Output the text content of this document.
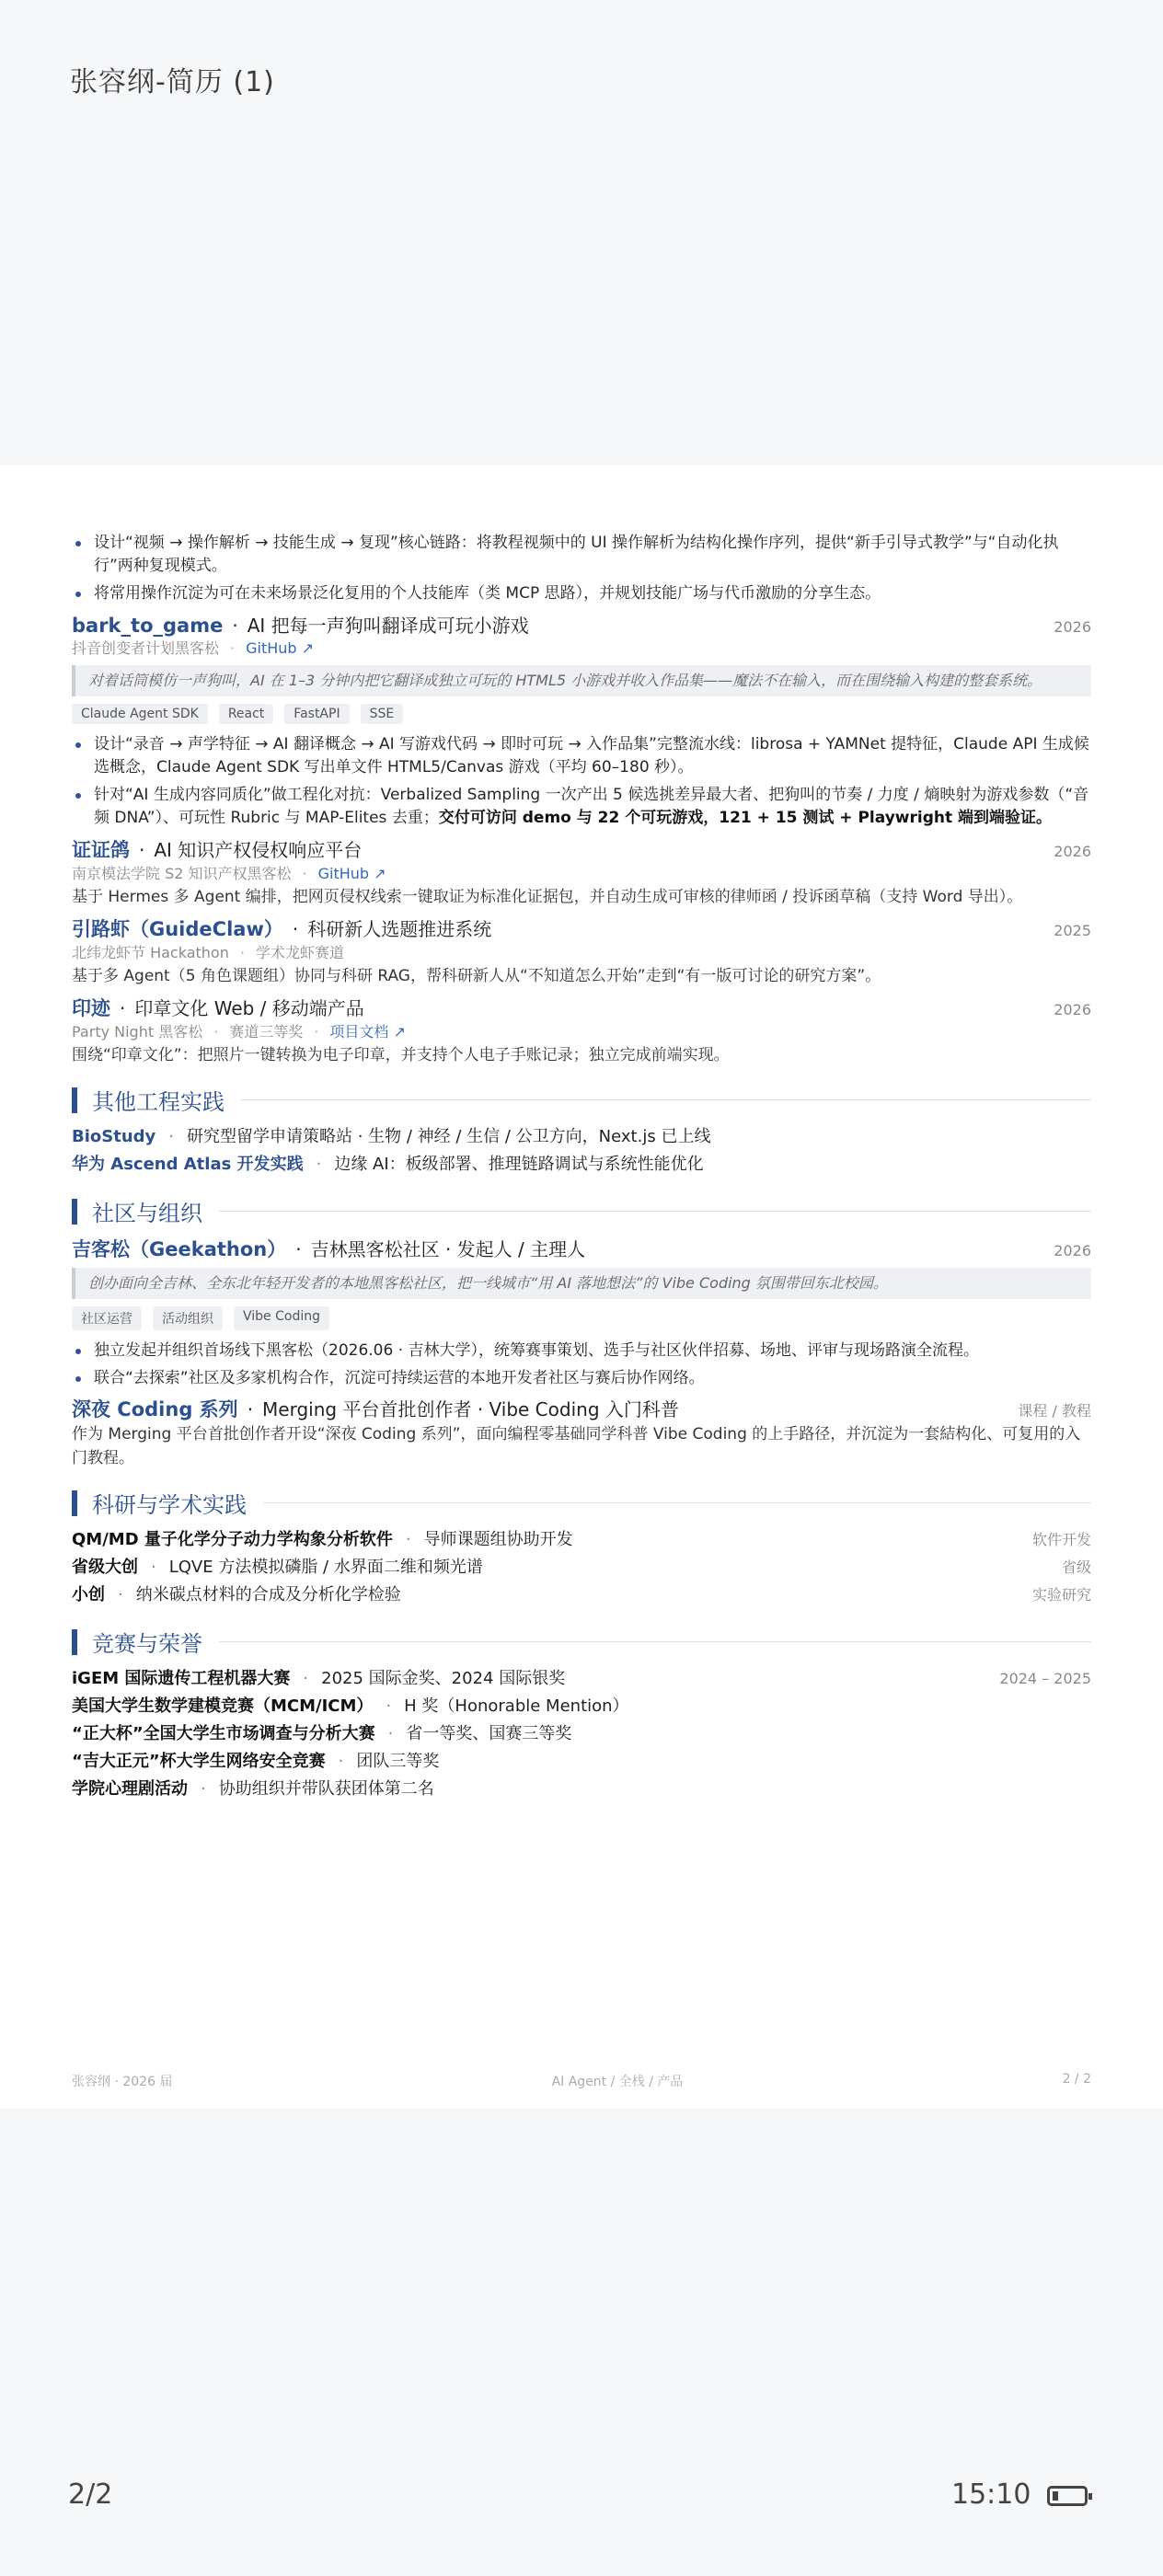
张容纲-简历 (1)
设计“视频 → 操作解析 → 技能生成 → 复现”核心链路：将教程视频中的 UI 操作解析为结构化操作序列，提供“新手引导式教学”与“自动化执行”两种复现模式。
将常用操作沉淀为可在未来场景泛化复用的个人技能库（类 MCP 思路），并规划技能广场与代币激励的分享生态。
bark_to_game · AI 把每一声狗叫翻译成可玩小游戏	2026
抖音创变者计划黑客松 · GitHub ↗
对着话筒模仿一声狗叫，AI 在 1–3 分钟内把它翻译成独立可玩的 HTML5 小游戏并收入作品集——魔法不在输入，而在围绕输入构建的整套系统。
Claude Agent SDK	React	FastAPI	SSE
设计“录音 → 声学特征 → AI 翻译概念 → AI 写游戏代码 → 即时可玩 → 入作品集”完整流水线：librosa + YAMNet 提特征，Claude API 生成候选概念，Claude Agent SDK 写出单文件 HTML5/Canvas 游戏（平均 60–180 秒）。
针对“AI 生成内容同质化”做工程化对抗：Verbalized Sampling 一次产出 5 候选挑差异最大者、把狗叫的节奏 / 力度 / 熵映射为游戏参数（“音频 DNA”）、可玩性 Rubric 与 MAP-Elites 去重；交付可访问 demo 与 22 个可玩游戏，121 + 15 测试 + Playwright 端到端验证。
证证鸽 · AI 知识产权侵权响应平台	2026
南京模法学院 S2 知识产权黑客松 · GitHub ↗
基于 Hermes 多 Agent 编排，把网页侵权线索一键取证为标准化证据包，并自动生成可审核的律师函 / 投诉函草稿（支持 Word 导出）。
引路虾（GuideClaw） · 科研新人选题推进系统	2025
北纬龙虾节 Hackathon · 学术龙虾赛道
基于多 Agent（5 角色课题组）协同与科研 RAG，帮科研新人从“不知道怎么开始”走到“有一版可讨论的研究方案”。
印迹 · 印章文化 Web / 移动端产品	2026
Party Night 黑客松 · 赛道三等奖 · 项目文档 ↗
围绕“印章文化”：把照片一键转换为电子印章，并支持个人电子手账记录；独立完成前端实现。
其他工程实践
BioStudy · 研究型留学申请策略站 · 生物 / 神经 / 生信 / 公卫方向，Next.js 已上线
华为 Ascend Atlas 开发实践 · 边缘 AI：板级部署、推理链路调试与系统性能优化
社区与组织
吉客松（Geekathon） · 吉林黑客松社区 · 发起人 / 主理人	2026
创办面向全吉林、全东北年轻开发者的本地黑客松社区，把一线城市“用 AI 落地想法”的 Vibe Coding 氛围带回东北校园。
社区运营	活动组织	Vibe Coding
独立发起并组织首场线下黑客松（2026.06 · 吉林大学），统筹赛事策划、选手与社区伙伴招募、场地、评审与现场路演全流程。
联合“去探索”社区及多家机构合作，沉淀可持续运营的本地开发者社区与赛后协作网络。
深夜 Coding 系列 · Merging 平台首批创作者 · Vibe Coding 入门科普	课程 / 教程
作为 Merging 平台首批创作者开设“深夜 Coding 系列”，面向编程零基础同学科普 Vibe Coding 的上手路径，并沉淀为一套結构化、可复用的入门教程。
科研与学术实践
QM/MD 量子化学分子动力学构象分析软件 · 导师课题组协助开发	软件开发
省级大创 · LQVE 方法模拟磷脂 / 水界面二维和频光谱	省级
小创 · 纳米碳点材料的合成及分析化学检验	实验研究
竞赛与荣誉
iGEM 国际遗传工程机器大赛 · 2025 国际金奖、2024 国际银奖	2024 – 2025
美国大学生数学建模竞赛（MCM/ICM） · H 奖（Honorable Mention）
“正大杯”全国大学生市场调查与分析大赛 · 省一等奖、国赛三等奖
“吉大正元”杯大学生网络安全竞赛 · 团队三等奖
学院心理剧活动 · 协助组织并带队获团体第二名
张容纲 · 2026 届	AI Agent / 全栈 / 产品	2 / 2
2/2	15:10
